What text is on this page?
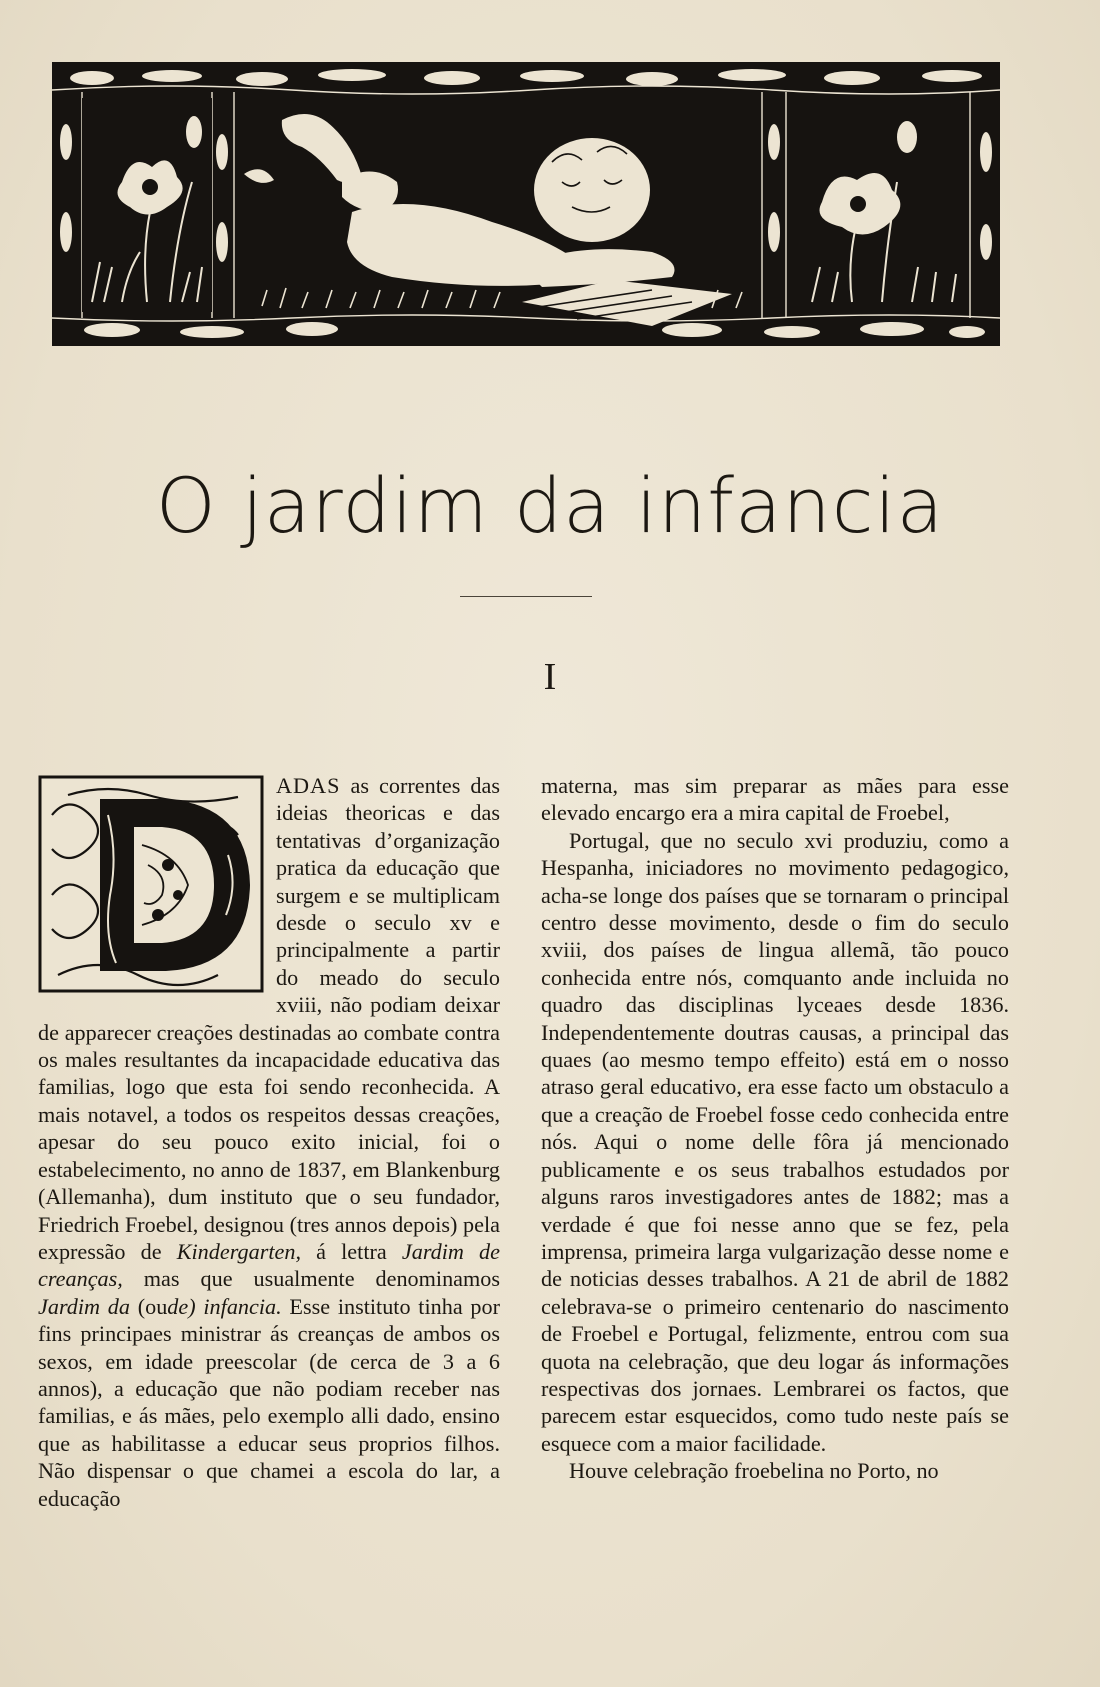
O jardim da infancia
I

ADAS as correntes das ideias theoricas e das tentativas d’organização pratica da educação que surgem e se multiplicam desde o seculo xv e principalmente a partir do meado do seculo xviii, não podiam deixar de apparecer creações destinadas ao combate contra os males resultantes da incapacidade educativa das familias, logo que esta foi sendo reconhecida. A mais notavel, a todos os respeitos dessas creações, apesar do seu pouco exito inicial, foi o estabelecimento, no anno de 1837, em Blankenburg (Allemanha), dum instituto que o seu fundador, Friedrich Froebel, designou (tres annos depois) pela expressão de Kindergarten, á lettra Jardim de creanças, mas que usualmente denominamos Jardim da (oude) infancia. Esse instituto tinha por fins principaes ministrar ás creanças de ambos os sexos, em idade preescolar (de cerca de 3 a 6 annos), a educação que não podiam receber nas familias, e ás mães, pelo exemplo alli dado, ensino que as habilitasse a educar seus proprios filhos. Não dispensar o que chamei a escola do lar, a educação

materna, mas sim preparar as mães para esse elevado encargo era a mira capital de Froebel,

Portugal, que no seculo xvi produziu, como a Hespanha, iniciadores no movimento pedagogico, acha-se longe dos países que se tornaram o principal centro desse movimento, desde o fim do seculo xviii, dos países de lingua allemã, tão pouco conhecida entre nós, comquanto ande incluida no quadro das disciplinas lyceaes desde 1836. Independentemente doutras causas, a principal das quaes (ao mesmo tempo effeito) está em o nosso atraso geral educativo, era esse facto um obstaculo a que a creação de Froebel fosse cedo conhecida entre nós. Aqui o nome delle fôra já mencionado publicamente e os seus trabalhos estudados por alguns raros investigadores antes de 1882; mas a verdade é que foi nesse anno que se fez, pela imprensa, primeira larga vulgarização desse nome e de noticias desses trabalhos. A 21 de abril de 1882 celebrava-se o primeiro centenario do nascimento de Froebel e Portugal, felizmente, entrou com sua quota na celebração, que deu logar ás informações respectivas dos jornaes. Lembrarei os factos, que parecem estar esquecidos, como tudo neste país se esquece com a maior facilidade.

Houve celebração froebelina no Porto, no
